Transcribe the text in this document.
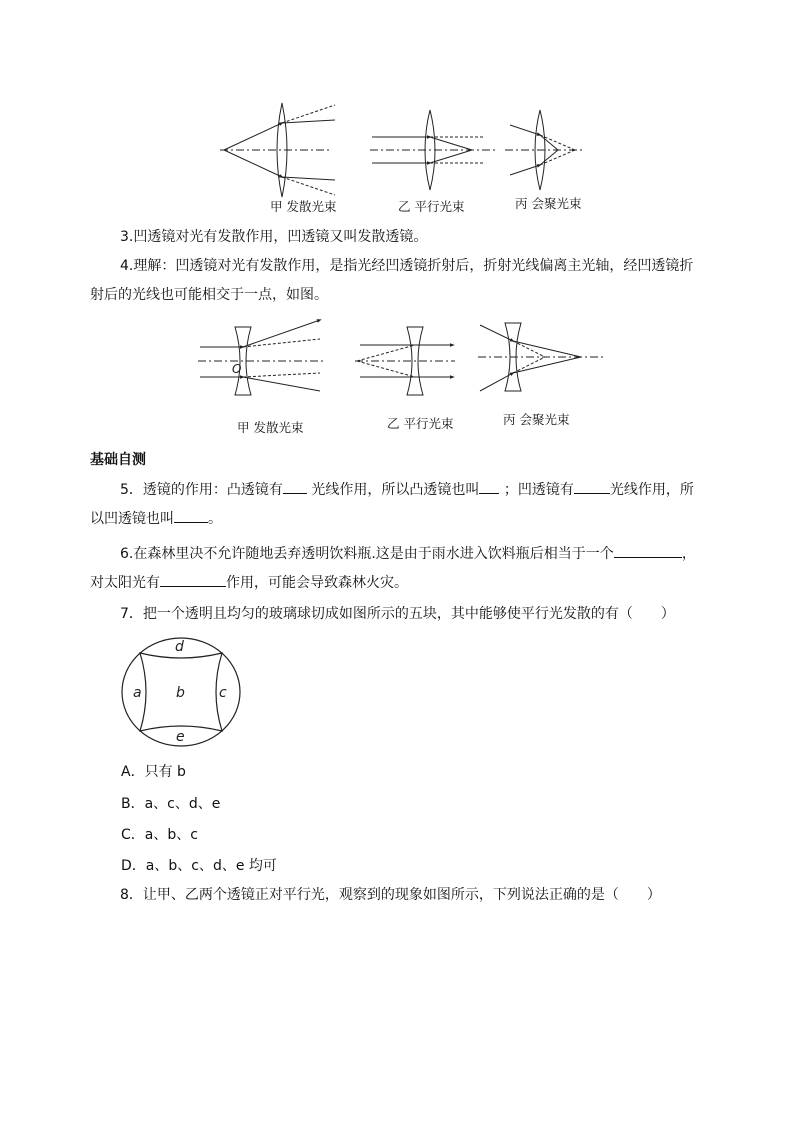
甲 发散光束	乙 平行光束	丙 会聚光束

3.凹透镜对光有发散作用，凹透镜又叫发散透镜。

4.理解：凹透镜对光有发散作用，是指光经凹透镜折射后，折射光线偏离主光轴，经凹透镜折

射后的光线也可能相交于一点，如图。

O
甲 发散光束	乙 平行光束	丙 会聚光束
基础自测

5．透镜的作用：凸透镜有 光线作用，所以凸透镜也叫 ；凹透镜有	光线作用，所

以凹透镜也叫 。

6.在森林里决不允许随地丢弃透明饮料瓶.这是由于雨水进入饮料瓶后相当于一个	，

对太阳光有	作用，可能会导致森林火灾。

7．把一个透明且均匀的玻璃球切成如图所示的五块，其中能够使平行光发散的有（　　）

a b c
d
e
A．只有 b
B．a、c、d、e
C．a、b、c
D．a、b、c、d、e 均可

8．让甲、乙两个透镜正对平行光，观察到的现象如图所示，下列说法正确的是（　　）
